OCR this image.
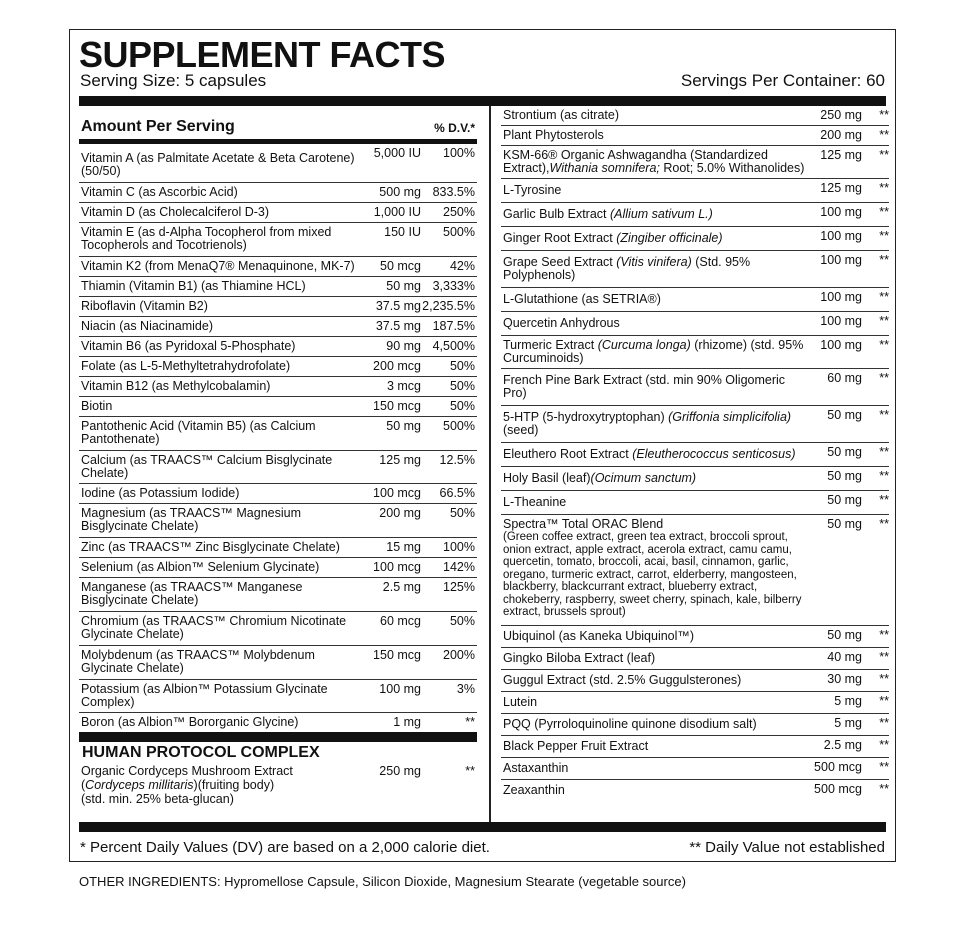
SUPPLEMENT FACTS
Serving Size: 5 capsules	Servings Per Container: 60
Amount Per Serving	% D.V.*
Vitamin A (as Palmitate Acetate & Beta Carotene) (50/50)
5,000 IU	100%
Vitamin C (as Ascorbic Acid)	500 mg 833.5%
Vitamin D (as Cholecalciferol D-3)	1,000 IU	250%
Vitamin E (as d-Alpha Tocopherol from mixed Tocopherols and Tocotrienols)
150 IU	500%
Vitamin K2 (from MenaQ7® Menaquinone, MK-7)	50 mcg	42%
Thiamin (Vitamin B1) (as Thiamine HCL)	50 mg 3,333%
Riboflavin (Vitamin B2)	37.5 mg 2,235.5%
Niacin (as Niacinamide)	37.5 mg 187.5%
Vitamin B6 (as Pyridoxal 5-Phosphate)	90 mg 4,500%
Folate (as L-5-Methyltetrahydrofolate)	200 mcg	50%
Vitamin B12 (as Methylcobalamin)	3 mcg	50%
Biotin	150 mcg	50%
Pantothenic Acid (Vitamin B5) (as Calcium Pantothenate)
50 mg	500%
Calcium (as TRAACS™ Calcium Bisglycinate Chelate)
125 mg	12.5%
Iodine (as Potassium Iodide)	100 mcg	66.5%
Magnesium (as TRAACS™ Magnesium Bisglycinate Chelate)
200 mg	50%
Zinc (as TRAACS™ Zinc Bisglycinate Chelate)	15 mg	100%
Selenium (as Albion™ Selenium Glycinate)	100 mcg	142%
Manganese (as TRAACS™ Manganese Bisglycinate Chelate)
2.5 mg	125%
Chromium (as TRAACS™ Chromium Nicotinate Glycinate Chelate)
60 mcg	50%
Molybdenum (as TRAACS™ Molybdenum Glycinate Chelate)
150 mcg	200%
Potassium (as Albion™ Potassium Glycinate Complex)
100 mg	3%
Boron (as Albion™ Bororganic Glycine)	1 mg	**
HUMAN PROTOCOL COMPLEX
Organic Cordyceps Mushroom Extract
(Cordyceps millitaris)(fruiting body)
(std. min. 25% beta-glucan)
250 mg	**
Strontium (as citrate)	250 mg	**
Plant Phytosterols	200 mg	**
KSM-66® Organic Ashwagandha (Standardized Extract),Withania somnifera; Root; 5.0% Withanolides)
125 mg	**
L-Tyrosine	125 mg	**
Garlic Bulb Extract (Allium sativum L.)	100 mg	**
Ginger Root Extract (Zingiber officinale)	100 mg	**
Grape Seed Extract (Vitis vinifera) (Std. 95% Polyphenols)
100 mg	**
L-Glutathione (as SETRIA®)	100 mg	**
Quercetin Anhydrous	100 mg	**
Turmeric Extract (Curcuma longa) (rhizome) (std. 95% Curcuminoids)
100 mg	**
French Pine Bark Extract (std. min 90% Oligomeric Pro)
60 mg	**
5-HTP (5-hydroxytryptophan) (Griffonia simplicifolia) (seed)
50 mg	**
Eleuthero Root Extract (Eleutherococcus senticosus)	50 mg	**
Holy Basil (leaf)(Ocimum sanctum)	50 mg	**
L-Theanine	50 mg	**
Spectra™ Total ORAC Blend
(Green coffee extract, green tea extract, broccoli sprout, onion extract, apple extract, acerola extract, camu camu, quercetin, tomato, broccoli, acai, basil, cinnamon, garlic, oregano, turmeric extract, carrot, elderberry, mangosteen, blackberry, blackcurrant extract, blueberry extract, chokeberry, raspberry, sweet cherry, spinach, kale, bilberry extract, brussels sprout)
50 mg	**
Ubiquinol (as Kaneka Ubiquinol™)	50 mg	**
Gingko Biloba Extract (leaf)	40 mg	**
Guggul Extract (std. 2.5% Guggulsterones)	30 mg	**
Lutein	5 mg	**
PQQ (Pyrroloquinoline quinone disodium salt)	5 mg	**
Black Pepper Fruit Extract	2.5 mg	**
Astaxanthin	500 mcg	**
Zeaxanthin	500 mcg	**
* Percent Daily Values (DV) are based on a 2,000 calorie diet.	** Daily Value not established
OTHER INGREDIENTS: Hypromellose Capsule, Silicon Dioxide, Magnesium Stearate (vegetable source)
